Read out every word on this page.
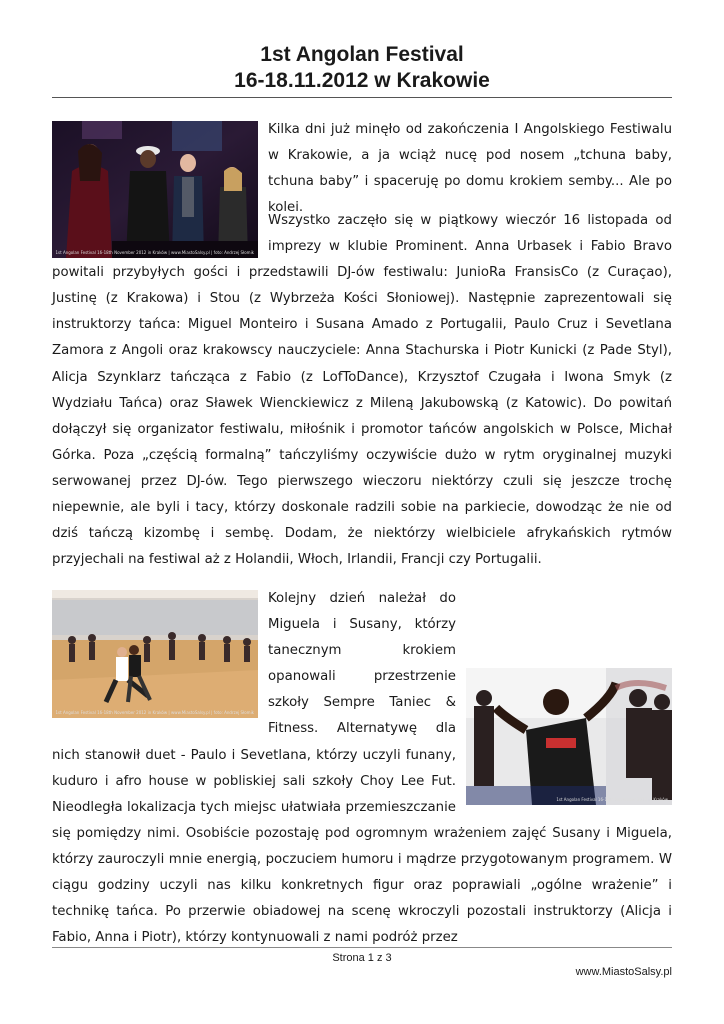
1st Angolan Festival
16-18.11.2012 w Krakowie
1st Angolan Festival 16-18th November 2012 in Kraków | www.MiastoSalsy.pl | foto: Andrzej Słomik
Kilka dni już minęło od zakończenia I Angolskiego Festiwalu w Krakowie, a ja wciąż nucę pod nosem „tchuna baby, tchuna baby” i spaceruję po domu krokiem semby... Ale po kolei.
Wszystko zaczęło się w piątkowy wieczór 16 listopada od imprezy w klubie Prominent. Anna Urbasek i Fabio Bravo powitali przybyłych gości i przedstawili DJ-ów festiwalu: JunioRa FransisCo (z Curaçao), Justinę (z Krakowa) i Stou (z Wybrzeża Kości Słoniowej). Następnie zaprezentowali się instruktorzy tańca: Miguel Monteiro i Susana Amado z Portugalii, Paulo Cruz i Sevetlana Zamora z Angoli oraz krakowscy nauczyciele: Anna Stachurska i Piotr Kunicki (z Pade Styl), Alicja Szynklarz tańcząca z Fabio (z LofToDance), Krzysztof Czugała i Iwona Smyk (z Wydziału Tańca) oraz Sławek Wienckiewicz z Mileną Jakubowską (z Katowic). Do powitań dołączył się organizator festiwalu, miłośnik i promotor tańców angolskich w Polsce, Michał Górka. Poza „częścią formalną” tańczyliśmy oczywiście dużo w rytm oryginalnej muzyki serwowanej przez DJ-ów. Tego pierwszego wieczoru niektórzy czuli się jeszcze trochę niepewnie, ale byli i tacy, którzy doskonale radzili sobie na parkiecie, dowodząc że nie od dziś tańczą kizombę i sembę. Dodam, że niektórzy wielbiciele afrykańskich rytmów przyjechali na festiwal aż z Holandii, Włoch, Irlandii, Francji czy Portugalii.
1st Angolan Festival 16-18th November 2012 in Kraków | www.MiastoSalsy.pl | foto: Andrzej Słomik
1st Angolan Festival 16-18th November 2012 in Kraków
Kolejny dzień należał do Miguela i Susany, którzy tanecznym krokiem opanowali przestrzenie szkoły Sempre Taniec & Fitness. Alternatywę dla nich stanowił duet - Paulo i Sevetlana, którzy uczyli funany, kuduro i afro house w pobliskiej sali szkoły Choy Lee Fut. Nieodległa lokalizacja tych miejsc ułatwiała przemieszczanie się pomiędzy nimi. Osobiście pozostaję pod ogromnym wrażeniem zajęć Susany i Miguela, którzy zauroczyli mnie energią, poczuciem humoru i mądrze przygotowanym programem. W ciągu godziny uczyli nas kilku konkretnych figur oraz poprawiali „ogólne wrażenie” i technikę tańca. Po przerwie obiadowej na scenę wkroczyli pozostali instruktorzy (Alicja i Fabio, Anna i Piotr), którzy kontynuowali z nami podróż przez
Strona 1 z 3
www.MiastoSalsy.pl
